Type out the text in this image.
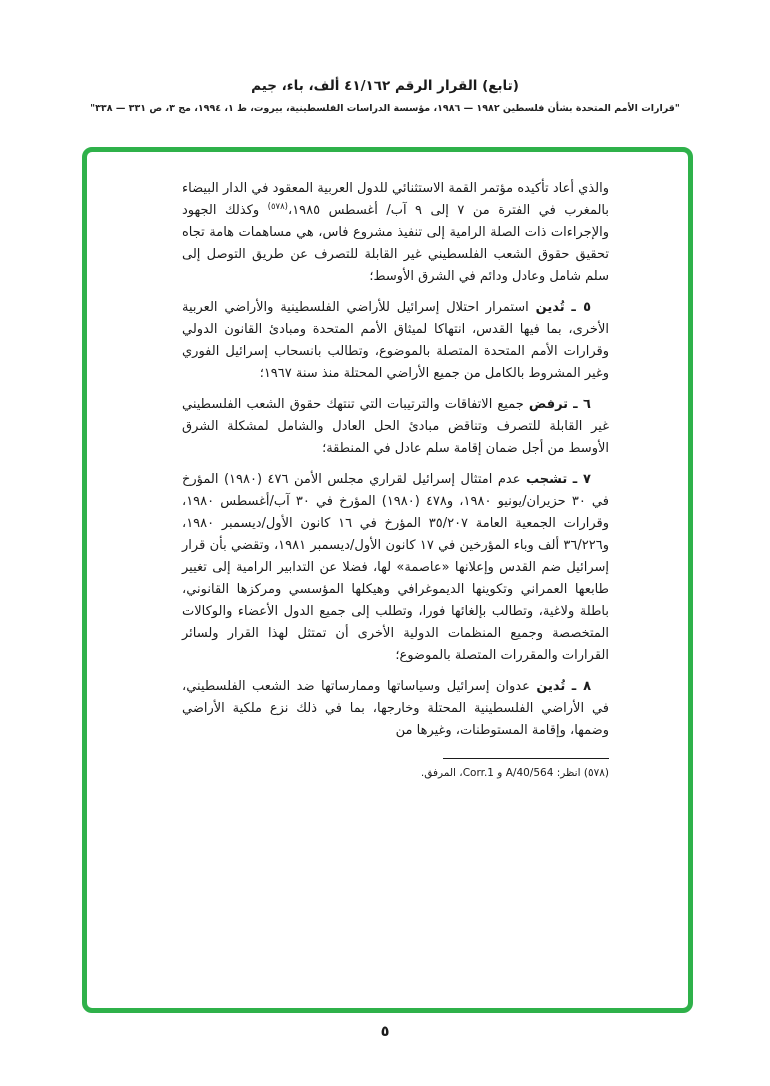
(تابع) القرار الرقم ٤١/١٦٢ ألف، باء، جيم
"قرارات الأمم المتحدة بشأن فلسطين ١٩٨٢ — ١٩٨٦، مؤسسة الدراسات الفلسطينية، بيروت، ط ١، ١٩٩٤، مج ٣، ص ٣٣١ — ٣٣٨"

والذي أعاد تأكيده مؤتمر القمة الاستثنائي للدول العربية المعقود في الدار البيضاء بالمغرب في الفترة من ٧ إلى ٩ آب/ أغسطس ١٩٨٥،$^{(٥٧٨)}$ وكذلك الجهود والإجراءات ذات الصلة الرامية إلى تنفيذ مشروع فاس، هي مساهمات هامة تجاه تحقيق حقوق الشعب الفلسطيني غير القابلة للتصرف عن طريق التوصل إلى سلم شامل وعادل ودائم في الشرق الأوسط؛

٥ ـ تُدين استمرار احتلال إسرائيل للأراضي الفلسطينية والأراضي العربية الأخرى، بما فيها القدس، انتهاكا لميثاق الأمم المتحدة ومبادئ القانون الدولي وقرارات الأمم المتحدة المتصلة بالموضوع، وتطالب بانسحاب إسرائيل الفوري وغير المشروط بالكامل من جميع الأراضي المحتلة منذ سنة ١٩٦٧؛

٦ ـ ترفض جميع الاتفاقات والترتيبات التي تنتهك حقوق الشعب الفلسطيني غير القابلة للتصرف وتناقض مبادئ الحل العادل والشامل لمشكلة الشرق الأوسط من أجل ضمان إقامة سلم عادل في المنطقة؛

٧ ـ تشجب عدم امتثال إسرائيل لقراري مجلس الأمن ٤٧٦ (١٩٨٠) المؤرخ في ٣٠ حزيران/يونيو ١٩٨٠، و٤٧٨ (١٩٨٠) المؤرخ في ٣٠ آب/أغسطس ١٩٨٠، وقرارات الجمعية العامة ٣٥/٢٠٧ المؤرخ في ١٦ كانون الأول/ديسمبر ١٩٨٠، و٣٦/٢٢٦ ألف وباء المؤرخين في ١٧ كانون الأول/ديسمبر ١٩٨١، وتقضي بأن قرار إسرائيل ضم القدس وإعلانها «عاصمة» لها، فضلا عن التدابير الرامية إلى تغيير طابعها العمراني وتكوينها الديموغرافي وهيكلها المؤسسي ومركزها القانوني، باطلة ولاغية، وتطالب بإلغائها فورا، وتطلب إلى جميع الدول الأعضاء والوكالات المتخصصة وجميع المنظمات الدولية الأخرى أن تمتثل لهذا القرار ولسائر القرارات والمقررات المتصلة بالموضوع؛

٨ ـ تُدين عدوان إسرائيل وسياساتها وممارساتها ضد الشعب الفلسطيني، في الأراضي الفلسطينية المحتلة وخارجها، بما في ذلك نزع ملكية الأراضي وضمها، وإقامة المستوطنات، وغيرها من

(٥٧٨) انظر: A/40/564 و Corr.1، المرفق.
٥
